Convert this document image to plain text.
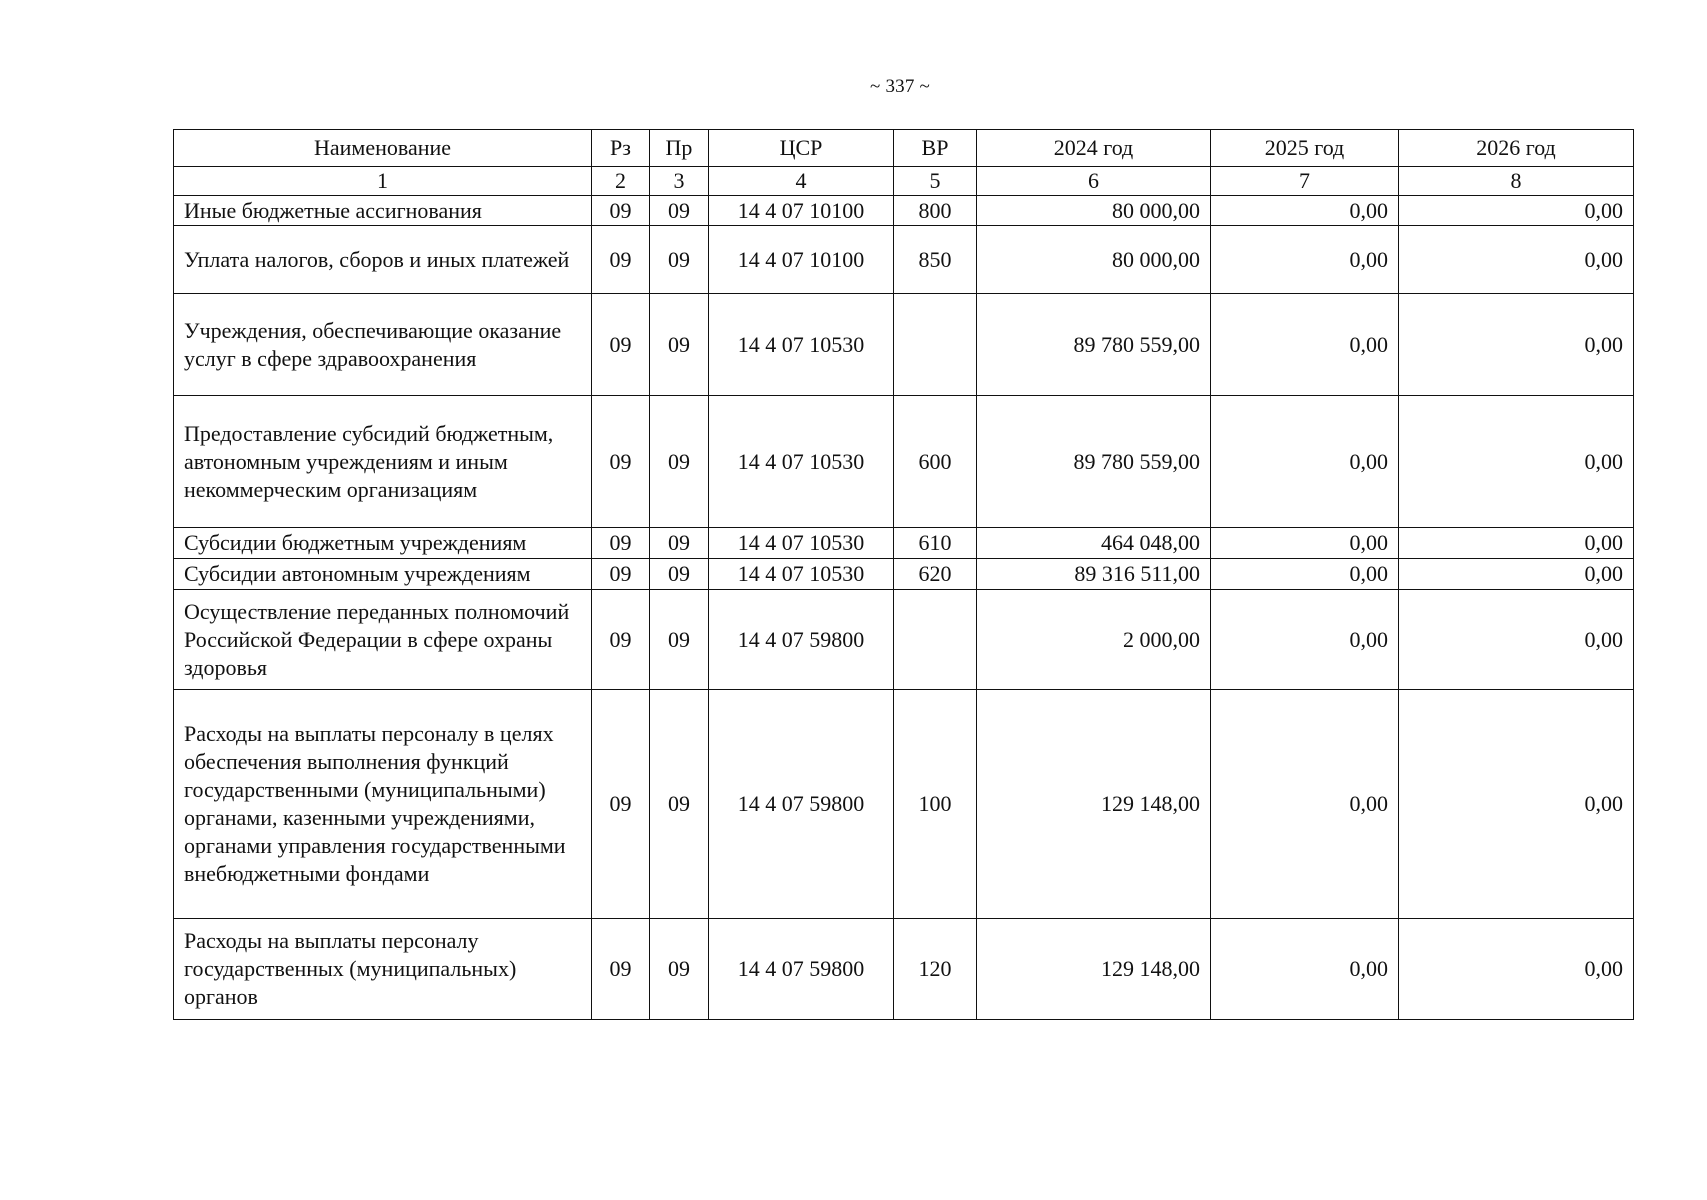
~ 337 ~
Наименование	Рз	Пр	ЦСР	ВР	2024 год	2025 год	2026 год
1	2	3	4	5	6	7	8
Иные бюджетные ассигнования	09	09	14 4 07 10100	800	80 000,00	0,00	0,00
Уплата налогов, сборов и иных платежей	09	09	14 4 07 10100	850	80 000,00	0,00	0,00
Учреждения, обеспечивающие оказание услуг в сфере здравоохранения	09	09	14 4 07 10530		89 780 559,00	0,00	0,00
Предоставление субсидий бюджетным, автономным учреждениям и иным некоммерческим организациям	09	09	14 4 07 10530	600	89 780 559,00	0,00	0,00
Субсидии бюджетным учреждениям	09	09	14 4 07 10530	610	464 048,00	0,00	0,00
Субсидии автономным учреждениям	09	09	14 4 07 10530	620	89 316 511,00	0,00	0,00
Осуществление переданных полномочий Российской Федерации в сфере охраны здоровья	09	09	14 4 07 59800		2 000,00	0,00	0,00
Расходы на выплаты персоналу в целях обеспечения выполнения функций государственными (муниципальными) органами, казенными учреждениями, органами управления государственными внебюджетными фондами	09	09	14 4 07 59800	100	129 148,00	0,00	0,00
Расходы на выплаты персоналу государственных (муниципальных) органов	09	09	14 4 07 59800	120	129 148,00	0,00	0,00
